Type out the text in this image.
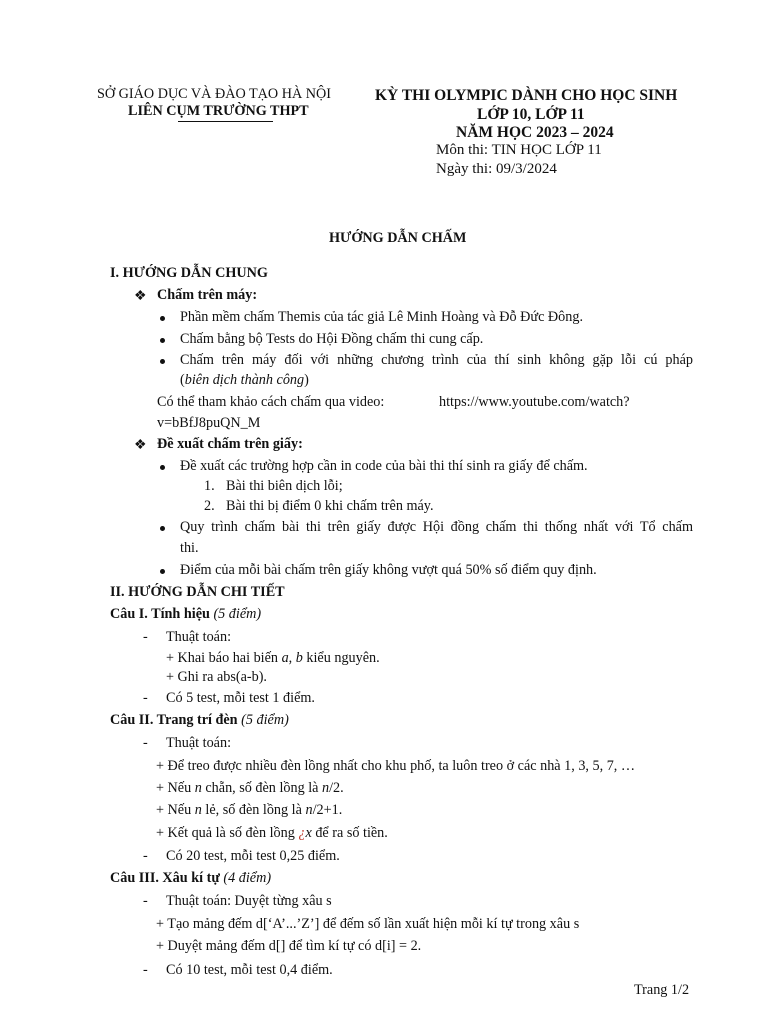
SỞ GIÁO DỤC VÀ ĐÀO TẠO HÀ NỘI
LIÊN CỤM TRƯỜNG THPT
KỲ THI OLYMPIC DÀNH CHO HỌC SINH
LỚP 10, LỚP 11
NĂM HỌC 2023 – 2024
Môn thi: TIN HỌC LỚP 11
Ngày thi: 09/3/2024
HƯỚNG DẪN CHẤM
I. HƯỚNG DẪN CHUNG
❖ Chấm trên máy:
Phần mềm chấm Themis của tác giả Lê Minh Hoàng và Đỗ Đức Đông.
Chấm bằng bộ Tests do Hội Đồng chấm thi cung cấp.
Chấm trên máy đối với những chương trình của thí sinh không gặp lỗi cú pháp
(biên dịch thành công)
Có thể tham khảo cách chấm qua video:	https://www.youtube.com/watch?
v=bBfJ8puQN_M
❖ Đề xuất chấm trên giấy:
Đề xuất các trường hợp cần in code của bài thi thí sinh ra giấy để chấm.
1. Bài thi biên dịch lỗi;
2. Bài thi bị điểm 0 khi chấm trên máy.
Quy trình chấm bài thi trên giấy được Hội đồng chấm thi thống nhất với Tổ chấm
thi.
Điểm của mỗi bài chấm trên giấy không vượt quá 50% số điểm quy định.
II. HƯỚNG DẪN CHI TIẾT
Câu I. Tính hiệu (5 điểm)
- Thuật toán:
+ Khai báo hai biến a, b kiểu nguyên.
+ Ghi ra abs(a-b).
- Có 5 test, mỗi test 1 điểm.
Câu II. Trang trí đèn (5 điểm)
- Thuật toán:
+ Để treo được nhiều đèn lồng nhất cho khu phố, ta luôn treo ở các nhà 1, 3, 5, 7, …
+ Nếu n chẵn, số đèn lồng là n/2.
+ Nếu n lẻ, số đèn lồng là n/2+1.
+ Kết quả là số đèn lồng ¿x để ra số tiền.
- Có 20 test, mỗi test 0,25 điểm.
Câu III. Xâu kí tự (4 điểm)
- Thuật toán: Duyệt từng xâu s
+ Tạo mảng đếm d[‘A’...’Z’] để đếm số lần xuất hiện mỗi kí tự trong xâu s
+ Duyệt mảng đếm d[] để tìm kí tự có d[i] = 2.
- Có 10 test, mỗi test 0,4 điểm.
Trang 1/2
